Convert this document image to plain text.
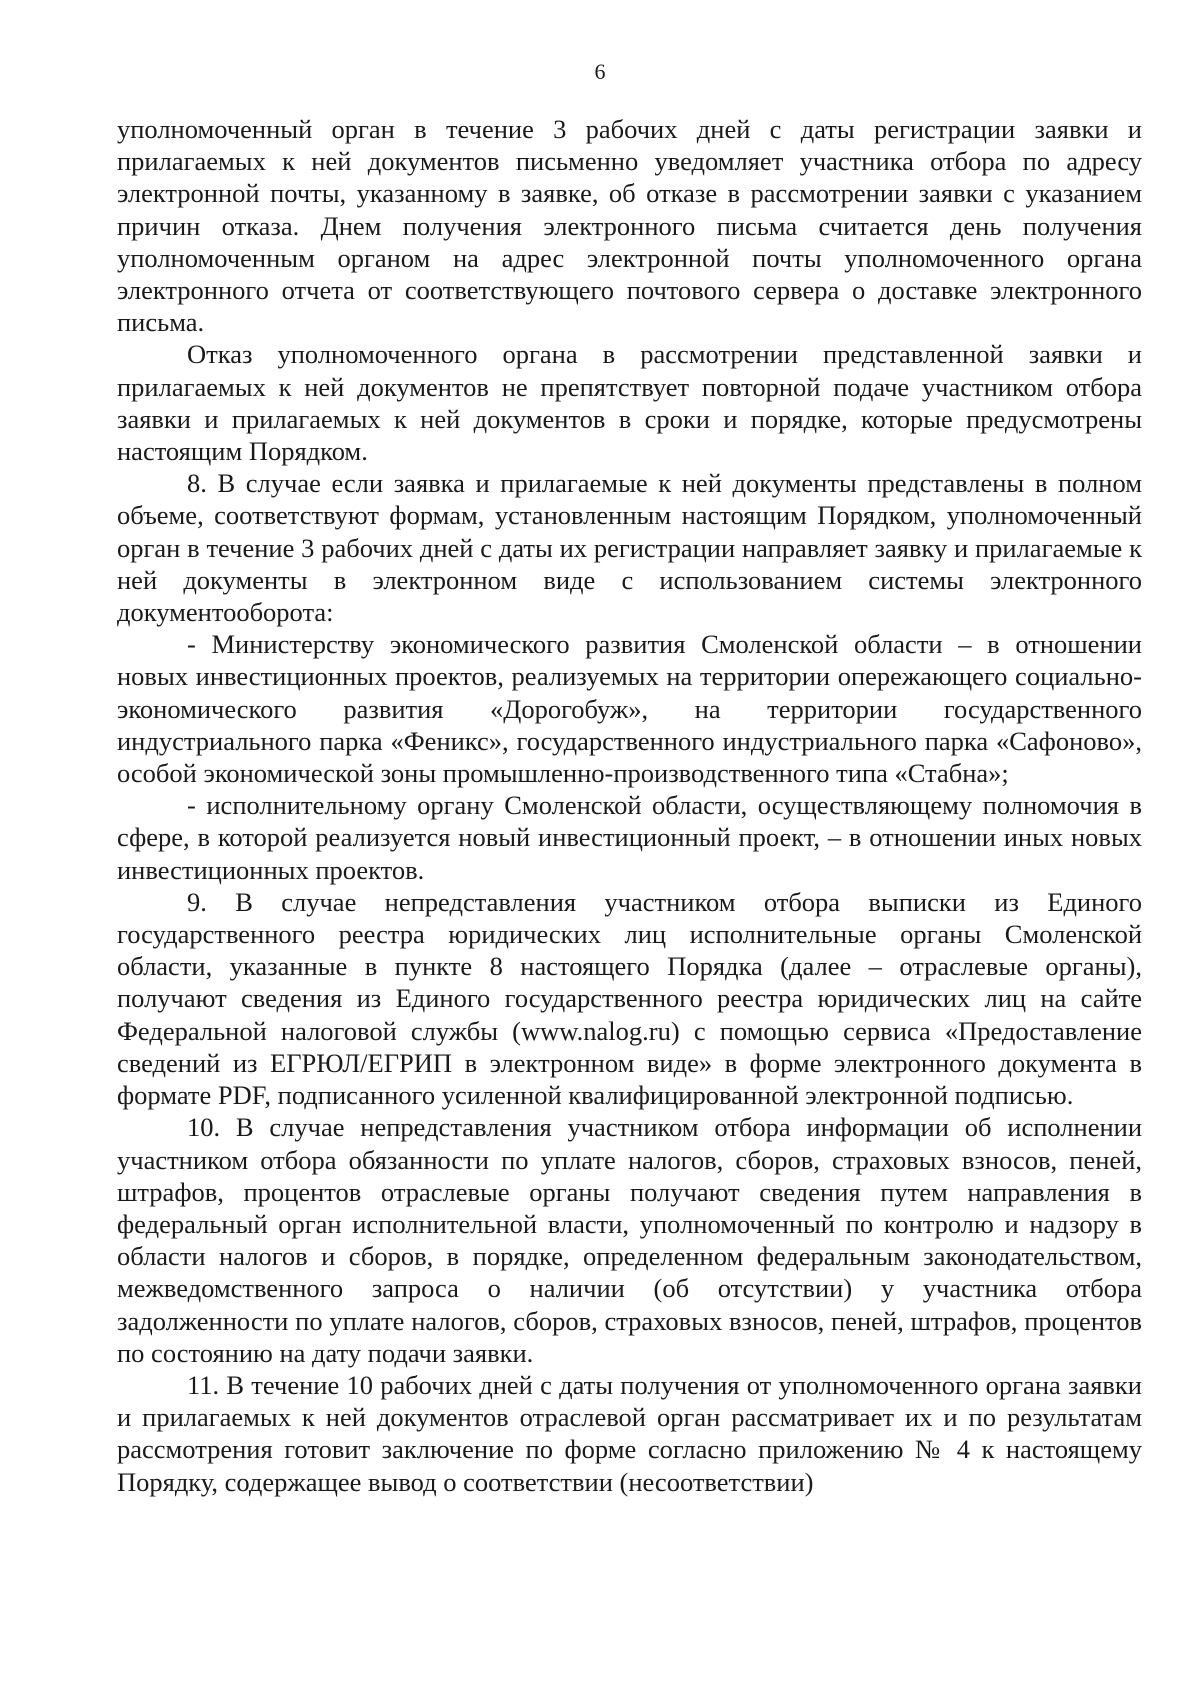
6

уполномоченный орган в течение 3 рабочих дней с даты регистрации заявки и прилагаемых к ней документов письменно уведомляет участника отбора по адресу электронной почты, указанному в заявке, об отказе в рассмотрении заявки с указанием причин отказа. Днем получения электронного письма считается день получения уполномоченным органом на адрес электронной почты уполномоченного органа электронного отчета от соответствующего почтового сервера о доставке электронного письма.

Отказ уполномоченного органа в рассмотрении представленной заявки и прилагаемых к ней документов не препятствует повторной подаче участником отбора заявки и прилагаемых к ней документов в сроки и порядке, которые предусмотрены настоящим Порядком.

8. В случае если заявка и прилагаемые к ней документы представлены в полном объеме, соответствуют формам, установленным настоящим Порядком, уполномоченный орган в течение 3 рабочих дней с даты их регистрации направляет заявку и прилагаемые к ней документы в электронном виде с использованием системы электронного документооборота:

- Министерству экономического развития Смоленской области – в отношении новых инвестиционных проектов, реализуемых на территории опережающего социально-экономического развития «Дорогобуж», на территории государственного индустриального парка «Феникс», государственного индустриального парка «Сафоново», особой экономической зоны промышленно-производственного типа «Стабна»;

- исполнительному органу Смоленской области, осуществляющему полномочия в сфере, в которой реализуется новый инвестиционный проект, – в отношении иных новых инвестиционных проектов.

9. В случае непредставления участником отбора выписки из Единого государственного реестра юридических лиц исполнительные органы Смоленской области, указанные в пункте 8 настоящего Порядка (далее – отраслевые органы), получают сведения из Единого государственного реестра юридических лиц на сайте Федеральной налоговой службы (www.nalog.ru) с помощью сервиса «Предоставление сведений из ЕГРЮЛ/ЕГРИП в электронном виде» в форме электронного документа в формате PDF, подписанного усиленной квалифицированной электронной подписью.

10. В случае непредставления участником отбора информации об исполнении участником отбора обязанности по уплате налогов, сборов, страховых взносов, пеней, штрафов, процентов отраслевые органы получают сведения путем направления в федеральный орган исполнительной власти, уполномоченный по контролю и надзору в области налогов и сборов, в порядке, определенном федеральным законодательством, межведомственного запроса о наличии (об отсутствии) у участника отбора задолженности по уплате налогов, сборов, страховых взносов, пеней, штрафов, процентов по состоянию на дату подачи заявки.

11. В течение 10 рабочих дней с даты получения от уполномоченного органа заявки и прилагаемых к ней документов отраслевой орган рассматривает их и по результатам рассмотрения готовит заключение по форме согласно приложению № 4 к настоящему Порядку, содержащее вывод о соответствии (несоответствии)
